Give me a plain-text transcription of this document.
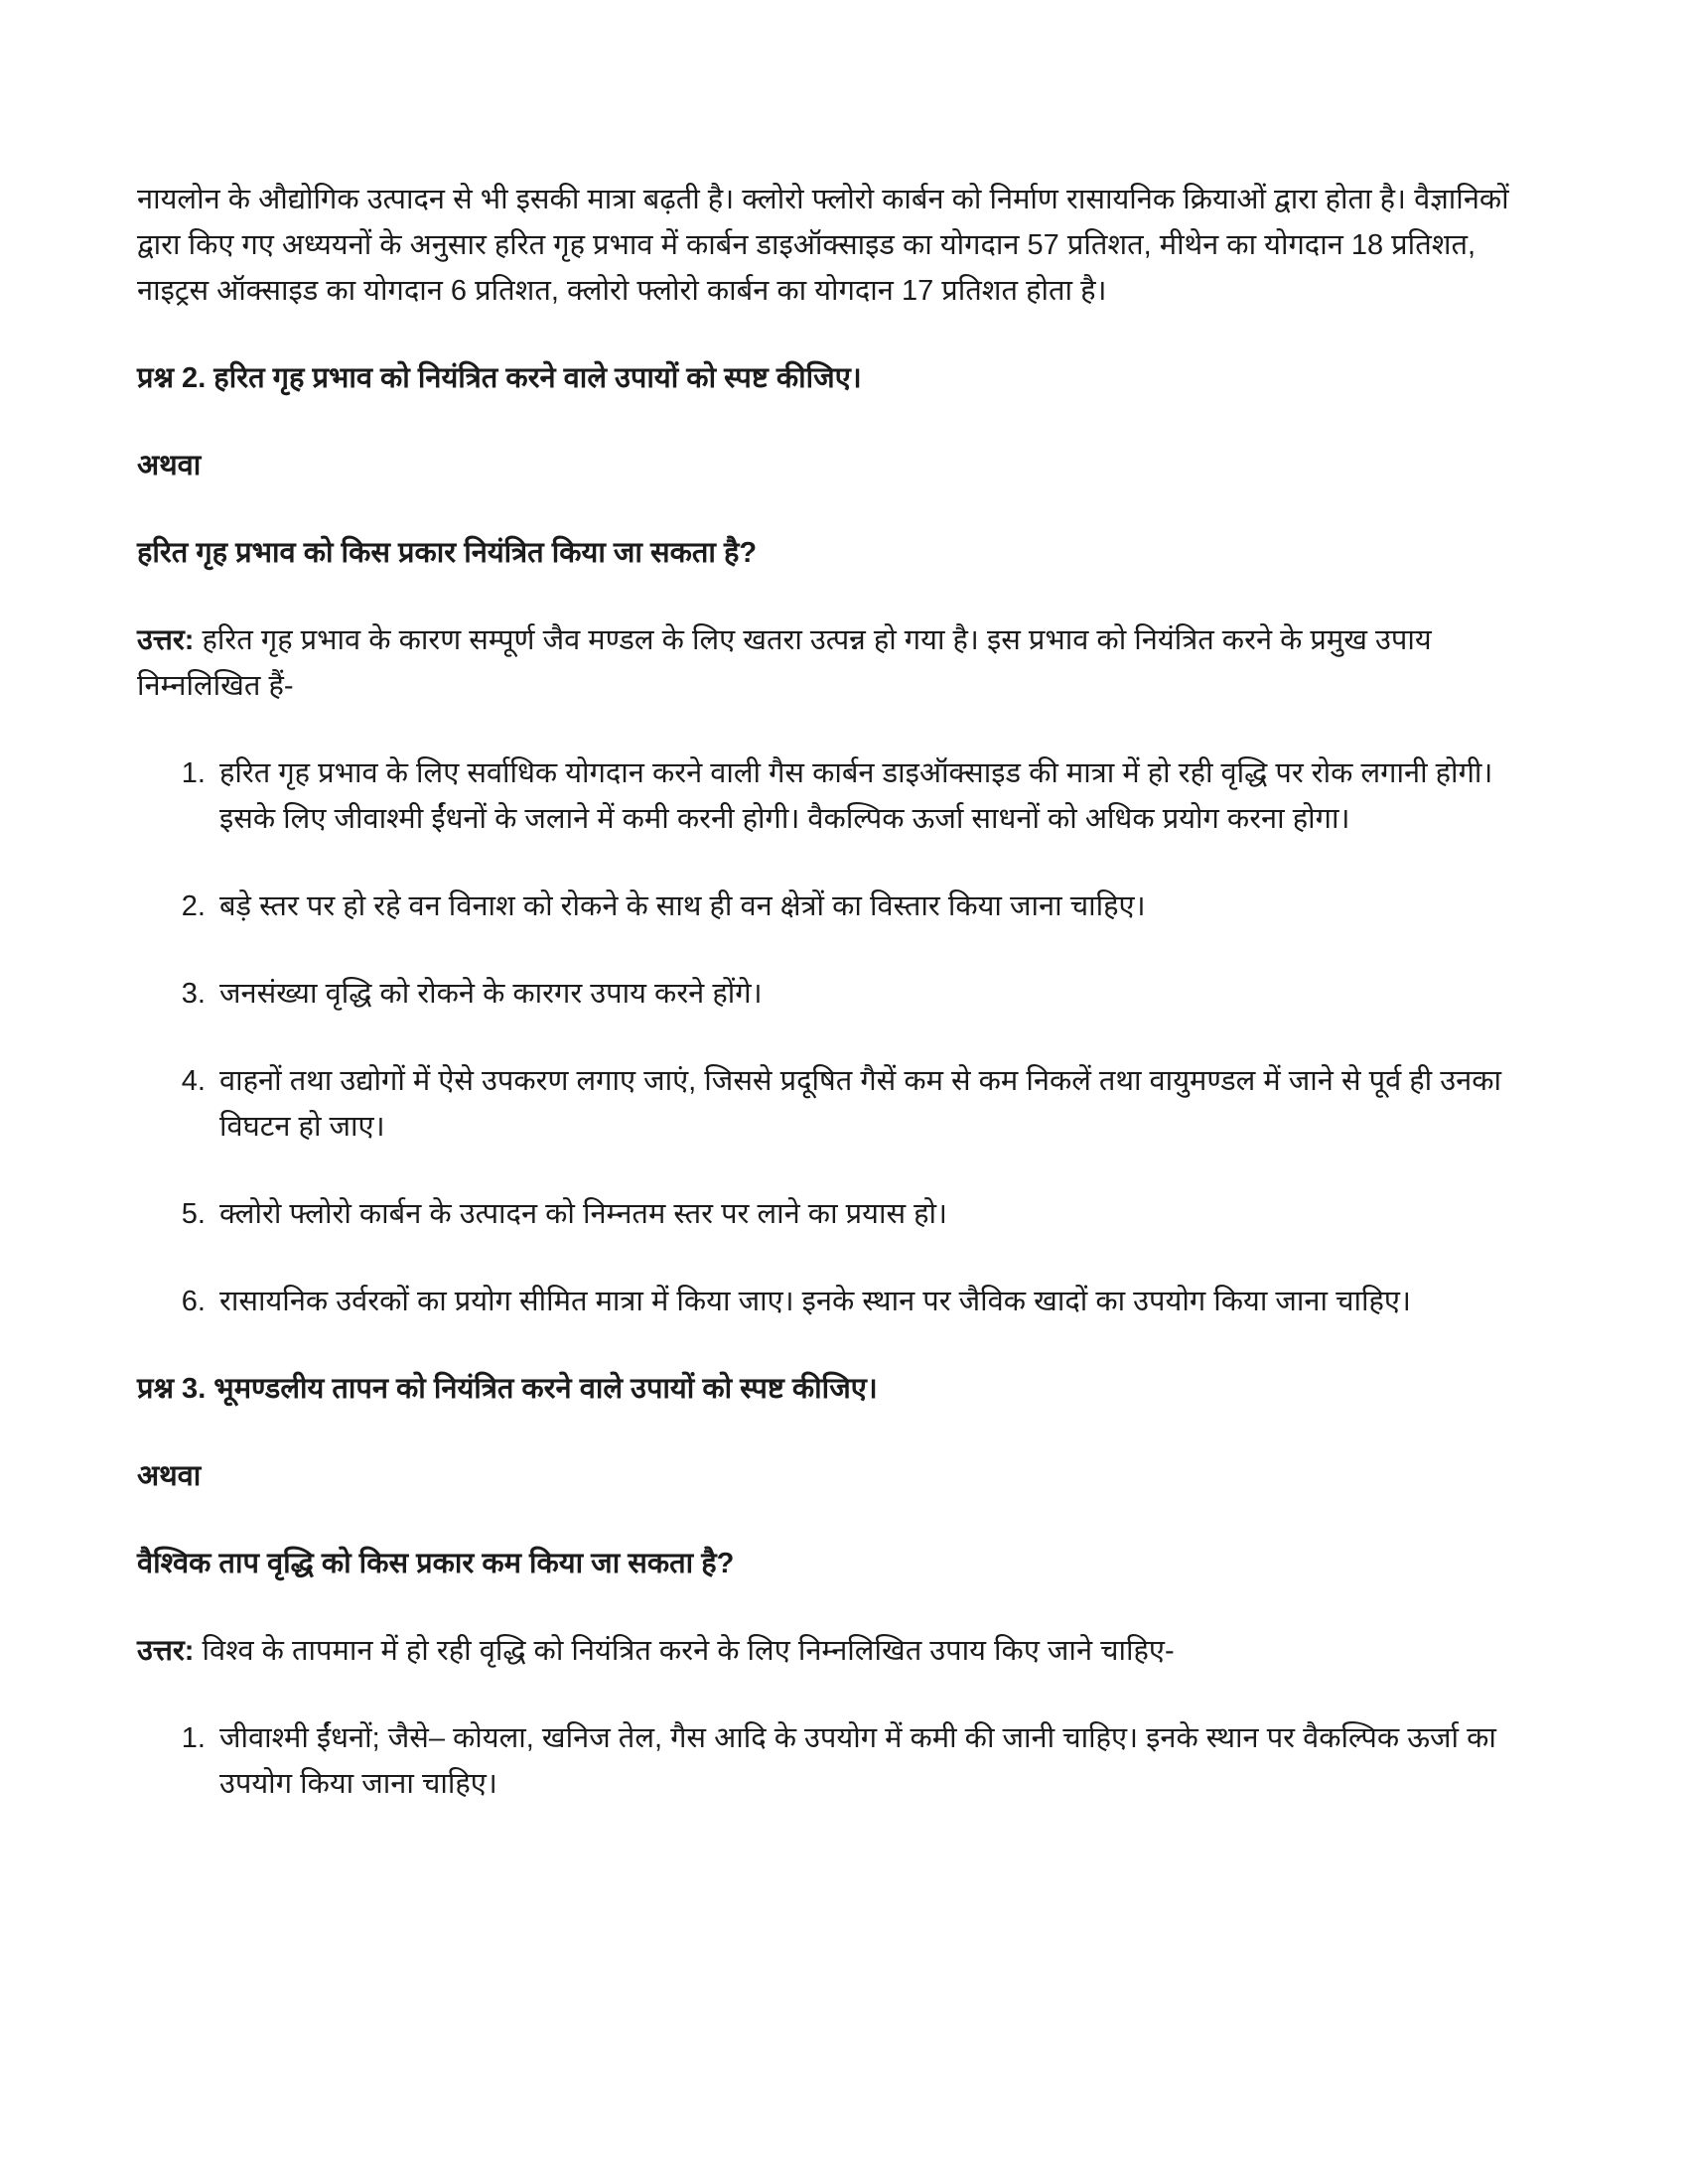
नायलोन के औद्योगिक उत्पादन से भी इसकी मात्रा बढ़ती है। क्लोरो फ्लोरो कार्बन को निर्माण रासायनिक क्रियाओं द्वारा होता है। वैज्ञानिकों द्वारा किए गए अध्ययनों के अनुसार हरित गृह प्रभाव में कार्बन डाइऑक्साइड का योगदान 57 प्रतिशत, मीथेन का योगदान 18 प्रतिशत, नाइट्रस ऑक्साइड का योगदान 6 प्रतिशत, क्लोरो फ्लोरो कार्बन का योगदान 17 प्रतिशत होता है।

प्रश्न 2. हरित गृह प्रभाव को नियंत्रित करने वाले उपायों को स्पष्ट कीजिए।
अथवा
हरित गृह प्रभाव को किस प्रकार नियंत्रित किया जा सकता है?

उत्तर: हरित गृह प्रभाव के कारण सम्पूर्ण जैव मण्डल के लिए खतरा उत्पन्न हो गया है। इस प्रभाव को नियंत्रित करने के प्रमुख उपाय निम्नलिखित हैं-

1. हरित गृह प्रभाव के लिए सर्वाधिक योगदान करने वाली गैस कार्बन डाइऑक्साइड की मात्रा में हो रही वृद्धि पर रोक लगानी होगी। इसके लिए जीवाश्मी ईंधनों के जलाने में कमी करनी होगी। वैकल्पिक ऊर्जा साधनों को अधिक प्रयोग करना होगा।
2. बड़े स्तर पर हो रहे वन विनाश को रोकने के साथ ही वन क्षेत्रों का विस्तार किया जाना चाहिए।
3. जनसंख्या वृद्धि को रोकने के कारगर उपाय करने होंगे।
4. वाहनों तथा उद्योगों में ऐसे उपकरण लगाए जाएं, जिससे प्रदूषित गैसें कम से कम निकलें तथा वायुमण्डल में जाने से पूर्व ही उनका विघटन हो जाए।
5. क्लोरो फ्लोरो कार्बन के उत्पादन को निम्नतम स्तर पर लाने का प्रयास हो।
6. रासायनिक उर्वरकों का प्रयोग सीमित मात्रा में किया जाए। इनके स्थान पर जैविक खादों का उपयोग किया जाना चाहिए।
प्रश्न 3. भूमण्डलीय तापन को नियंत्रित करने वाले उपायों को स्पष्ट कीजिए।
अथवा
वैश्विक ताप वृद्धि को किस प्रकार कम किया जा सकता है?

उत्तर: विश्व के तापमान में हो रही वृद्धि को नियंत्रित करने के लिए निम्नलिखित उपाय किए जाने चाहिए-

1. जीवाश्मी ईंधनों; जैसे– कोयला, खनिज तेल, गैस आदि के उपयोग में कमी की जानी चाहिए। इनके स्थान पर वैकल्पिक ऊर्जा का उपयोग किया जाना चाहिए।
